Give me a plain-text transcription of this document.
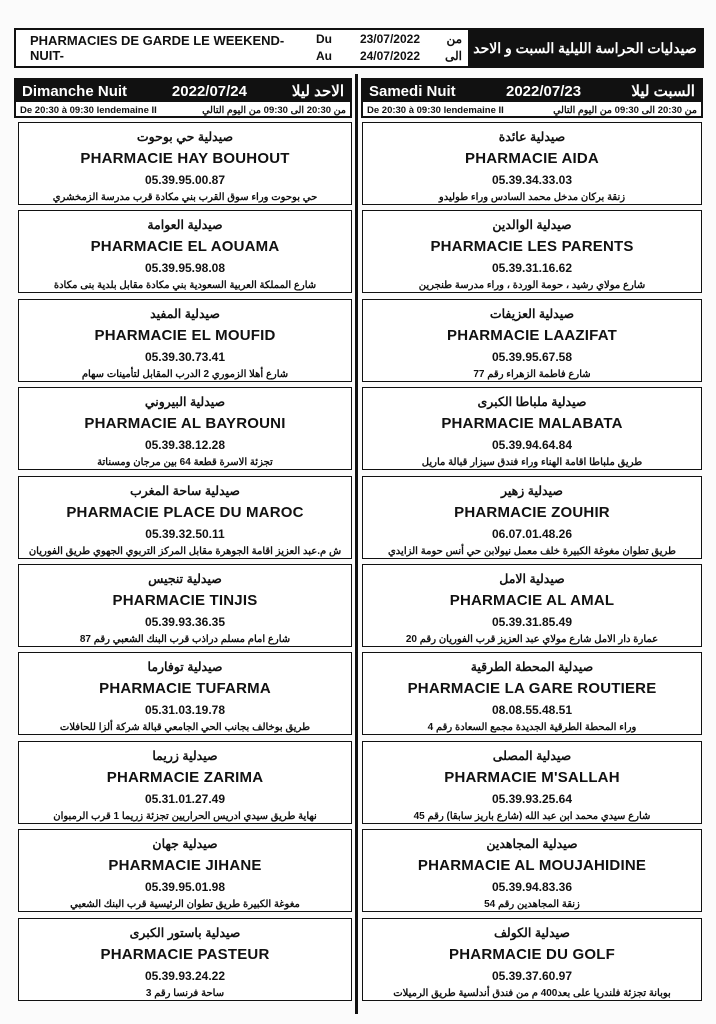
PHARMACIES DE GARDE LE WEEKEND- NUIT-
Du	23/07/2022	من
Au	24/07/2022	الى
صيدليات الحراسة الليلية السبت و الاحد
Dimanche Nuit	2022/07/24	الاحد ليلا
De 20:30 à 09:30 lendemaine II	من 20:30 الى 09:30 من اليوم التالي
Samedi Nuit	2022/07/23	السبت ليلا
De 20:30 à 09:30 lendemaine II	من 20:30 الى 09:30 من اليوم التالي
صيدلية حي بوحوت
PHARMACIE HAY BOUHOUT
05.39.95.00.87
حي بوحوت وراء سوق القرب بني مكادة قرب مدرسة الزمخشري
صيدلية العوامة
PHARMACIE EL AOUAMA
05.39.95.98.08
شارع المملكة العربية السعودية بني مكادة مقابل بلدية بنى مكادة
صيدلية المفيد
PHARMACIE EL MOUFID
05.39.30.73.41
شارع أهلا الزموري 2 الدرب المقابل لتأمينات سهام
صيدلية البيروني
PHARMACIE AL BAYROUNI
05.39.38.12.28
تجزئة الاسرة قطعة 64 بين مرجان ومسناتة
صيدلية ساحة المغرب
PHARMACIE PLACE DU MAROC
05.39.32.50.11
ش م.عبد العزيز اقامة الجوهرة مقابل المركز التربوي الجهوي طريق الفوريان
صيدلية تنجيس
PHARMACIE TINJIS
05.39.93.36.35
شارع امام مسلم دراذب قرب البنك الشعبي رقم 87
صيدلية توفارما
PHARMACIE TUFARMA
05.31.03.19.78
طريق بوخالف بجانب الحي الجامعي قبالة شركة ألزا للحافلات
صيدلية زريما
PHARMACIE ZARIMA
05.31.01.27.49
نهاية طريق سيدي ادريس الحراريين تجزئة زريما 1 قرب الرمبوان
صيدلية جهان
PHARMACIE JIHANE
05.39.95.01.98
مغوغة الكبيرة طريق تطوان الرئيسية قرب البنك الشعبي
صيدلية باستور الكبرى
PHARMACIE PASTEUR
05.39.93.24.22
ساحة فرنسا رقم 3
صيدلية عائدة
PHARMACIE AIDA
05.39.34.33.03
زنقة بركان مدخل محمد السادس وراء طوليدو
صيدلية الوالدين
PHARMACIE LES PARENTS
05.39.31.16.62
شارع مولاي رشيد ، حومة الوردة ، وراء مدرسة طنجرين
صيدلية العزيفات
PHARMACIE LAAZIFAT
05.39.95.67.58
شارع فاطمة الزهراء رقم 77
صيدلية ملباطا الكبرى
PHARMACIE MALABATA
05.39.94.64.84
طريق ملباطا اقامة الهناء وراء فندق سيزار قبالة ماريل
صيدلية زهير
PHARMACIE ZOUHIR
06.07.01.48.26
طريق تطوان مغوغة الكبيرة خلف معمل نيولابن حي أنس حومة الزايدي
صيدلية الامل
PHARMACIE AL AMAL
05.39.31.85.49
عمارة دار الامل شارع مولاي عبد العزيز قرب الفوريان رقم 20
صيدلية المحطة الطرقية
PHARMACIE LA GARE ROUTIERE
08.08.55.48.51
وراء المحطة الطرقية الجديدة مجمع السعادة رقم 4
صيدلية المصلى
PHARMACIE M'SALLAH
05.39.93.25.64
شارع سيدي محمد ابن عبد الله (شارع باريز سابقا) رقم 45
صيدلية المجاهدين
PHARMACIE AL MOUJAHIDINE
05.39.94.83.36
زنقة المجاهدين رقم 54
صيدلية الكولف
PHARMACIE DU GOLF
05.39.37.60.97
بوبانة تجزئة فلندريا على بعد400 م من فندق أندلسية طريق الرميلات
